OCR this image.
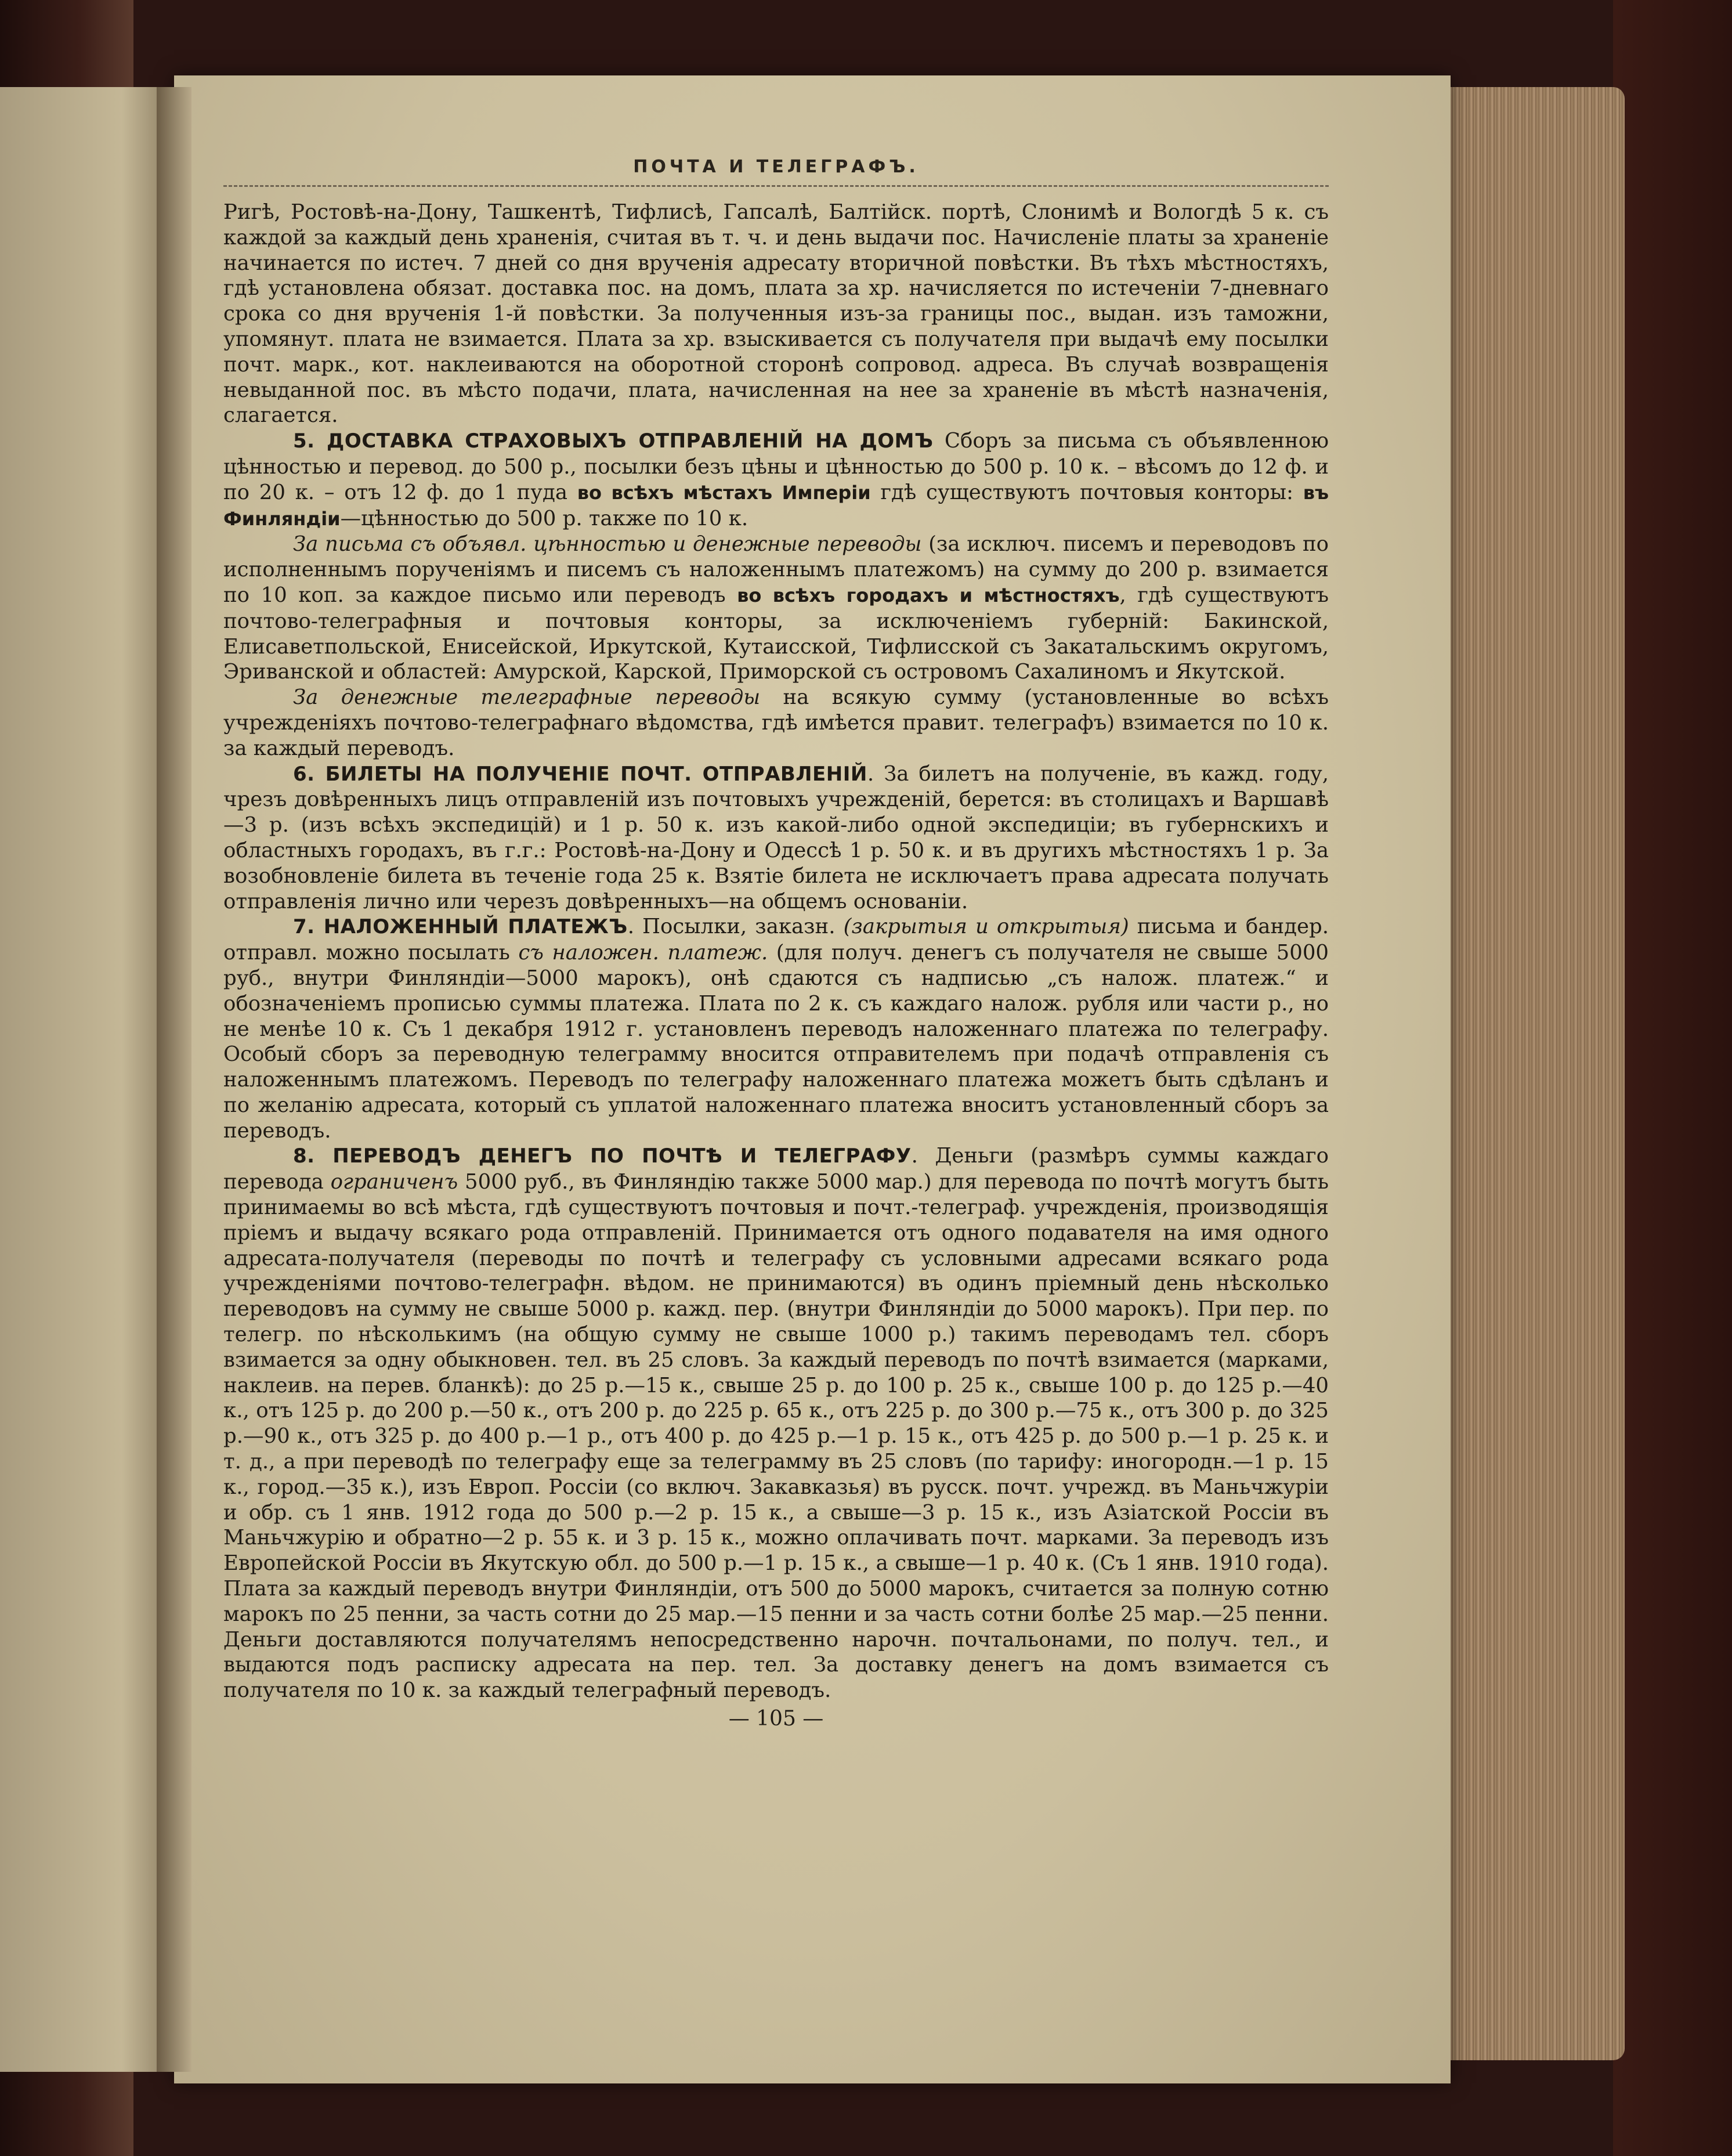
ПОЧТА И ТЕЛЕГРАФЪ.

Ригѣ, Ростовѣ-на-Дону, Ташкентѣ, Тифлисѣ, Гапсалѣ, Балтійск. портѣ, Слонимѣ и Вологдѣ 5 к. съ каждой за каждый день храненія, считая въ т. ч. и день выдачи пос. Начисленіе платы за храненіе начинается по истеч. 7 дней со дня врученія адресату вторичной повѣстки. Въ тѣхъ мѣстностяхъ, гдѣ установлена обязат. доставка пос. на домъ, плата за хр. начисляется по истеченіи 7-дневнаго срока со дня врученія 1-й повѣстки. За полученныя изъ-за границы пос., выдан. изъ таможни, упомянут. плата не взимается. Плата за хр. взыскивается съ получателя при выдачѣ ему посылки почт. марк., кот. наклеиваются на оборотной сторонѣ сопровод. адреса. Въ случаѣ возвращенія невыданной пос. въ мѣсто подачи, плата, начисленная на нее за храненіе въ мѣстѣ назначенія, слагается.

5. ДОСТАВКА СТРАХОВЫХЪ ОТПРАВЛЕНІЙ НА ДОМЪ Сборъ за письма съ объявленною цѣнностью и перевод. до 500 р., посылки безъ цѣны и цѣнностью до 500 р. 10 к. – вѣсомъ до 12 ф. и по 20 к. – отъ 12 ф. до 1 пуда во всѣхъ мѣстахъ Имперіи гдѣ существуютъ почтовыя конторы: въ Финляндіи—цѣнностью до 500 р. также по 10 к.

За письма съ объявл. цѣнностью и денежные переводы (за исключ. писемъ и переводовъ по исполненнымъ порученіямъ и писемъ съ наложеннымъ платежомъ) на сумму до 200 р. взимается по 10 коп. за каждое письмо или переводъ во всѣхъ городахъ и мѣстностяхъ, гдѣ существуютъ почтово-телеграфныя и почтовыя конторы, за исключеніемъ губерній: Бакинской, Елисаветпольской, Енисейской, Иркутской, Кутаисской, Тифлисской съ Закатальскимъ округомъ, Эриванской и областей: Амурской, Карской, Приморской съ островомъ Сахалиномъ и Якутской.

За денежные телеграфные переводы на всякую сумму (установленные во всѣхъ учрежденіяхъ почтово-телеграфнаго вѣдомства, гдѣ имѣется правит. телеграфъ) взимается по 10 к. за каждый переводъ.

6. БИЛЕТЫ НА ПОЛУЧЕНІЕ ПОЧТ. ОТПРАВЛЕНІЙ. За билетъ на полученіе, въ кажд. году, чрезъ довѣренныхъ лицъ отправленій изъ почтовыхъ учрежденій, берется: въ столицахъ и Варшавѣ—3 р. (изъ всѣхъ экспедицій) и 1 р. 50 к. изъ какой-либо одной экспедиціи; въ губернскихъ и областныхъ городахъ, въ г.г.: Ростовѣ-на-Дону и Одессѣ 1 р. 50 к. и въ другихъ мѣстностяхъ 1 р. За возобновленіе билета въ теченіе года 25 к. Взятіе билета не исключаетъ права адресата получать отправленія лично или черезъ довѣренныхъ—на общемъ основаніи.

7. НАЛОЖЕННЫЙ ПЛАТЕЖЪ. Посылки, заказн. (закрытыя и открытыя) письма и бандер. отправл. можно посылать съ наложен. платеж. (для получ. денегъ съ получателя не свыше 5000 руб., внутри Финляндіи—5000 марокъ), онѣ сдаются съ надписью „съ налож. платеж.“ и обозначеніемъ прописью суммы платежа. Плата по 2 к. съ каждаго налож. рубля или части р., но не менѣе 10 к. Съ 1 декабря 1912 г. установленъ переводъ наложеннаго платежа по телеграфу. Особый сборъ за переводную телеграмму вносится отправителемъ при подачѣ отправленія съ наложеннымъ платежомъ. Переводъ по телеграфу наложеннаго платежа можетъ быть сдѣланъ и по желанію адресата, который съ уплатой наложеннаго платежа вноситъ установленный сборъ за переводъ.

8. ПЕРЕВОДЪ ДЕНЕГЪ ПО ПОЧТѢ И ТЕЛЕГРАФУ. Деньги (размѣръ суммы каждаго перевода ограниченъ 5000 руб., въ Финляндію также 5000 мар.) для перевода по почтѣ могутъ быть принимаемы во всѣ мѣста, гдѣ существуютъ почтовыя и почт.-телеграф. учрежденія, производящія пріемъ и выдачу всякаго рода отправленій. Принимается отъ одного подавателя на имя одного адресата-получателя (переводы по почтѣ и телеграфу съ условными адресами всякаго рода учрежденіями почтово-телеграфн. вѣдом. не принимаются) въ одинъ пріемный день нѣсколько переводовъ на сумму не свыше 5000 р. кажд. пер. (внутри Финляндіи до 5000 марокъ). При пер. по телегр. по нѣсколькимъ (на общую сумму не свыше 1000 р.) такимъ переводамъ тел. сборъ взимается за одну обыкновен. тел. въ 25 словъ. За каждый переводъ по почтѣ взимается (марками, наклеив. на перев. бланкѣ): до 25 р.—15 к., свыше 25 р. до 100 р. 25 к., свыше 100 р. до 125 р.—40 к., отъ 125 р. до 200 р.—50 к., отъ 200 р. до 225 р. 65 к., отъ 225 р. до 300 р.—75 к., отъ 300 р. до 325 р.—90 к., отъ 325 р. до 400 р.—1 р., отъ 400 р. до 425 р.—1 р. 15 к., отъ 425 р. до 500 р.—1 р. 25 к. и т. д., а при переводѣ по телеграфу еще за телеграмму въ 25 словъ (по тарифу: иногородн.—1 р. 15 к., город.—35 к.), изъ Европ. Россіи (со включ. Закавказья) въ русск. почт. учрежд. въ Маньчжуріи и обр. съ 1 янв. 1912 года до 500 р.—2 р. 15 к., а свыше—3 р. 15 к., изъ Азіатской Россіи въ Маньчжурію и обратно—2 р. 55 к. и 3 р. 15 к., можно оплачивать почт. марками. За переводъ изъ Европейской Россіи въ Якутскую обл. до 500 р.—1 р. 15 к., а свыше—1 р. 40 к. (Съ 1 янв. 1910 года). Плата за каждый переводъ внутри Финляндіи, отъ 500 до 5000 марокъ, считается за полную сотню марокъ по 25 пенни, за часть сотни до 25 мар.—15 пенни и за часть сотни болѣе 25 мар.—25 пенни. Деньги доставляются получателямъ непосредственно нарочн. почтальонами, по получ. тел., и выдаются подъ расписку адресата на пер. тел. За доставку денегъ на домъ взимается съ получателя по 10 к. за каждый телеграфный переводъ.

— 105 —
